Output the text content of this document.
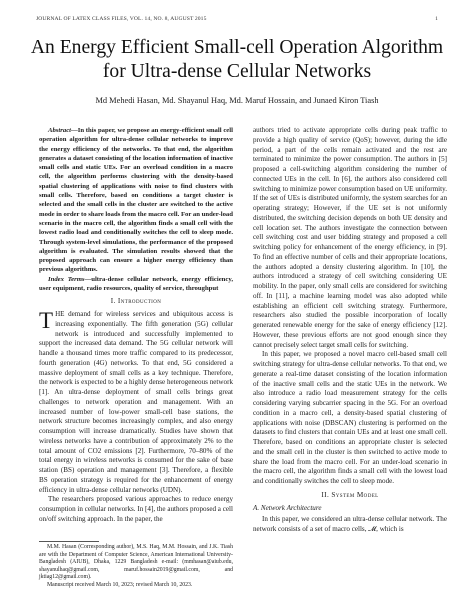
JOURNAL OF LATEX CLASS FILES, VOL. 14, NO. 8, AUGUST 2015	1
An Energy Efficient Small-cell Operation Algorithm
for Ultra-dense Cellular Networks
Md Mehedi Hasan, Md. Shayanul Haq, Md. Maruf Hossain, and Junaed Kiron Tiash

Abstract—In this paper, we propose an energy-efficient small cell operation algorithm for ultra-dense cellular networks to improve the energy efficiency of the networks. To that end, the algorithm generates a dataset consisting of the location information of inactive small cells and static UEs. For an overload condition in a macro cell, the algorithm performs clustering with the density-based spatial clustering of applications with noise to find clusters with small cells. Therefore, based on conditions a target cluster is selected and the small cells in the cluster are switched to the active mode in order to share loads from the macro cell. For an under-load scenario in the macro cell, the algorithm finds a small cell with the lowest radio load and conditionally switches the cell to sleep mode. Through system-level simulations, the performance of the proposed algorithm is evaluated. The simulation results showed that the proposed approach can ensure a higher energy efficiency than previous algorithms.

Index Terms—ultra-dense cellular network, energy efficiency, user equipment, radio resources, quality of service, throughput

I. Introduction

THE demand for wireless services and ubiquitous access is increasing exponentially. The fifth generation (5G) cellular network is introduced and successfully implemented to support the increased data demand. The 5G cellular network will handle a thousand times more traffic compared to its predecessor, fourth generation (4G) networks. To that end, 5G considered a massive deployment of small cells as a key technique. Therefore, the network is expected to be a highly dense heterogeneous network [1]. An ultra-dense deployment of small cells brings great challenges to network operation and management. With an increased number of low-power small-cell base stations, the network structure becomes increasingly complex, and also energy consumption will increase dramatically. Studies have shown that wireless networks have a contribution of approximately 2% to the total amount of CO2 emissions [2]. Furthermore, 70–80% of the total energy in wireless networks is consumed for the sake of base station (BS) operation and management [3]. Therefore, a flexible BS operation strategy is required for the enhancement of energy efficiency in ultra-dense cellular networks (UDN).

The researchers proposed various approaches to reduce energy consumption in cellular networks. In [4], the authors proposed a cell on/off switching approach. In the paper, the

M.M. Hasan (Corresponding author), M.S. Haq, M.M. Hossain, and J.K. Tiash are with the Department of Computer Science, American International University-Bangladesh (AIUB), Dhaka, 1229 Bangladesh e-mail: (mmhasan@aiub.edu, shayanulhaq@gmail.com, maruf.hossain2019@gmail.com, and jktiag12@gmail.com).

Manuscript received March 10, 2023; revised March 10, 2023.

authors tried to activate appropriate cells during peak traffic to provide a high quality of service (QoS); however, during the idle period, a part of the cells remain activated and the rest are terminated to minimize the power consumption. The authors in [5] proposed a cell-switching algorithm considering the number of connected UEs in the cell. In [6], the authors also considered cell switching to minimize power consumption based on UE uniformity. If the set of UEs is distributed uniformly, the system searches for an operating strategy; However, if the UE set is not uniformly distributed, the switching decision depends on both UE density and cell location set. The authors investigate the connection between cell switching cost and user bidding strategy and proposed a cell switching policy for enhancement of the energy efficiency, in [9]. To find an effective number of cells and their appropriate locations, the authors adopted a density clustering algorithm. In [10], the authors introduced a strategy of cell switching considering UE mobility. In the paper, only small cells are considered for switching off. In [11], a machine learning model was also adopted while establishing an efficient cell switching strategy. Furthermore, researchers also studied the possible incorporation of locally generated renewable energy for the sake of energy efficiency [12]. However, these previous efforts are not good enough since they cannot precisely select target small cells for switching.

In this paper, we proposed a novel macro cell-based small cell switching strategy for ultra-dense cellular networks. To that end, we generate a real-time dataset consisting of the location information of the inactive small cells and the static UEs in the network. We also introduce a radio load measurement strategy for the cells considering varying subcarrier spacing in the 5G. For an overload condition in a macro cell, a density-based spatial clustering of applications with noise (DBSCAN) clustering is performed on the datasets to find clusters that contain UEs and at least one small cell. Therefore, based on conditions an appropriate cluster is selected and the small cell in the cluster is then switched to active mode to share the load from the macro cell. For an under-load scenario in the macro cell, the algorithm finds a small cell with the lowest load and conditionally switches the cell to sleep mode.

II. System Model
A. Network Architecture

In this paper, we considered an ultra-dense cellular network. The network consists of a set of macro cells, 𝓜, which is
